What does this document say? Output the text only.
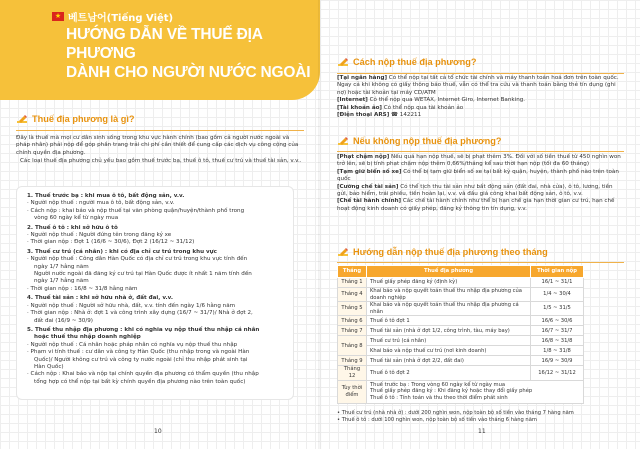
★ 베트남어(Tiếng Việt)
HƯỚNG DẪN VỀ THUẾ ĐỊA PHƯƠNG
DÀNH CHO NGƯỜI NƯỚC NGOÀI
Thuế địa phương là gì?
Đây là thuế mà mọi cư dân sinh sống trong khu vực hành chính (bao gồm cả người nước ngoài và pháp nhân) phải nộp để góp phần trang trải chi phí cần thiết để cung cấp các dịch vụ công cộng của chính quyền địa phương.
Các loại thuế địa phương chủ yếu bao gồm thuế trước bạ, thuế ô tô, thuế cư trú và thuế tài sản, v.v..
1. Thuế trước bạ : khi mua ô tô, bất động sản, v.v.
· Người nộp thuế : người mua ô tô, bất động sản, v.v.
· Cách nộp : khai báo và nộp thuế tại văn phòng quận/huyện/thành phố trong
vòng 60 ngày kể từ ngày mua
2. Thuế ô tô : khi sở hữu ô tô
· Người nộp thuế : Người đứng tên trong đăng ký xe
· Thời gian nộp : Đợt 1 (16/6 ~ 30/6), Đợt 2 (16/12 ~ 31/12)
3. Thuế cư trú (cá nhân) : khi có địa chỉ cư trú trong khu vực
· Người nộp thuế : Công dân Hàn Quốc có địa chỉ cư trú trong khu vực tính đến
ngày 1/7 hằng năm
Người nước ngoài đã đăng ký cư trú tại Hàn Quốc được ít nhất 1 năm tính đến
ngày 1/7 hằng năm
· Thời gian nộp : 16/8 ~ 31/8 hằng năm
4. Thuế tài sản : khi sở hữu nhà ở, đất đai, v.v.
· Người nộp thuế : Người sở hữu nhà, đất, v.v. tính đến ngày 1/6 hằng năm
· Thời gian nộp : Nhà ở: đợt 1 và công trình xây dựng (16/7 ~ 31/7)/ Nhà ở đợt 2,
đất đai (16/9 ~ 30/9)
5. Thuế thu nhập địa phương : khi có nghĩa vụ nộp thuế thu nhập cá nhân
hoặc thuế thu nhập doanh nghiệp
· Người nộp thuế : Cá nhân hoặc pháp nhân có nghĩa vụ nộp thuế thu nhập
· Phạm vi tính thuế : cư dân và công ty Hàn Quốc (thu nhập trong và ngoài Hàn
Quốc)/ Người không cư trú và công ty nước ngoài (chỉ thu nhập phát sinh tại
Hàn Quốc)
· Cách nộp : Khai báo và nộp tại chính quyền địa phương có thẩm quyền (thu nhập
tổng hợp có thể nộp tại bất kỳ chính quyền địa phương nào trên toàn quốc)
10
Cách nộp thuế địa phương?
[Tại ngân hàng] Có thể nộp tại tất cả tổ chức tài chính và máy thanh toán hoá đơn trên toàn quốc. Ngay cả khi không có giấy thông báo thuế, vẫn có thể tra cứu và thanh toán bằng thẻ tín dụng (ghi nợ) hoặc tài khoản tại máy CD/ATM
[Internet] Có thể nộp qua WETAX, Internet Giro, Internet Banking.
[Tài khoản ảo] Có thể nộp qua tài khoản ảo
[Điện thoại ARS] ☎ 142211
Nếu không nộp thuế địa phương?
[Phạt chậm nộp] Nếu quá hạn nộp thuế, sẽ bị phạt thêm 3%. Đối với số tiền thuế từ 450 nghìn won trở lên, sẽ bị tính phạt chậm nộp thêm 0,66%/tháng kể sau thời hạn nộp (tối đa 60 tháng)
[Tạm giữ biển số xe] Có thể bị tạm giữ biển số xe tại bất kỳ quận, huyện, thành phố nào trên toàn quốc
[Cưỡng chế tài sản] Có thể tịch thu tài sản như bất động sản (đất đai, nhà cửa), ô tô, lương, tiền gửi, bảo hiểm, trái phiếu, tiền hoàn lại, v.v. và đấu giá công khai bất động sản, ô tô, v.v.
[Chế tài hành chính] Các chế tài hành chính như thể bị hạn chế gia hạn thời gian cư trú, hạn chế hoạt động kinh doanh có giấy phép, đăng ký thông tin tín dụng, v.v.
Hướng dẫn nộp thuế địa phương theo tháng
Tháng	Thuế địa phương	Thời gian nộp
Tháng 1	Thuế giấy phép đăng ký (định kỳ)	16/1 ~ 31/1
Tháng 4	Khai báo và nộp quyết toán thuế thu nhập địa phương của doanh nghiệp	1/4 ~ 30/4
Tháng 5	Khai báo và nộp quyết toán thuế thu nhập địa phương cá nhân	1/5 ~ 31/5
Tháng 6	Thuế ô tô đợt 1	16/6 ~ 30/6
Tháng 7	Thuế tài sản (nhà ở đợt 1/2, công trình, tàu, máy bay)	16/7 ~ 31/7
Tháng 8	Thuế cư trú (cá nhân)	16/8 ~ 31/8
	Khai báo và nộp thuế cư trú (nơi kinh doanh)	1/8 ~ 31/8
Tháng 9	Thuế tài sản (nhà ở đợt 2/2, đất đai)	16/9 ~ 30/9
Tháng 12	Thuế ô tô đợt 2	16/12 ~ 31/12
Tùy thời điểm	Thuế trước bạ : Trong vòng 60 ngày kể từ ngày mua
Thuế giấy phép đăng ký : Khi đăng ký hoặc thay đổi giấy phép
Thuế ô tô : Tính toán và thu theo thời điểm phát sinh	
• Thuế cư trú (nhà nhà ở) : dưới 200 nghìn won, nộp toàn bộ số tiền vào tháng 7 hàng năm
• Thuế ô tô : dưới 100 nghìn won, nộp toàn bộ số tiền vào tháng 6 hàng năm
11
